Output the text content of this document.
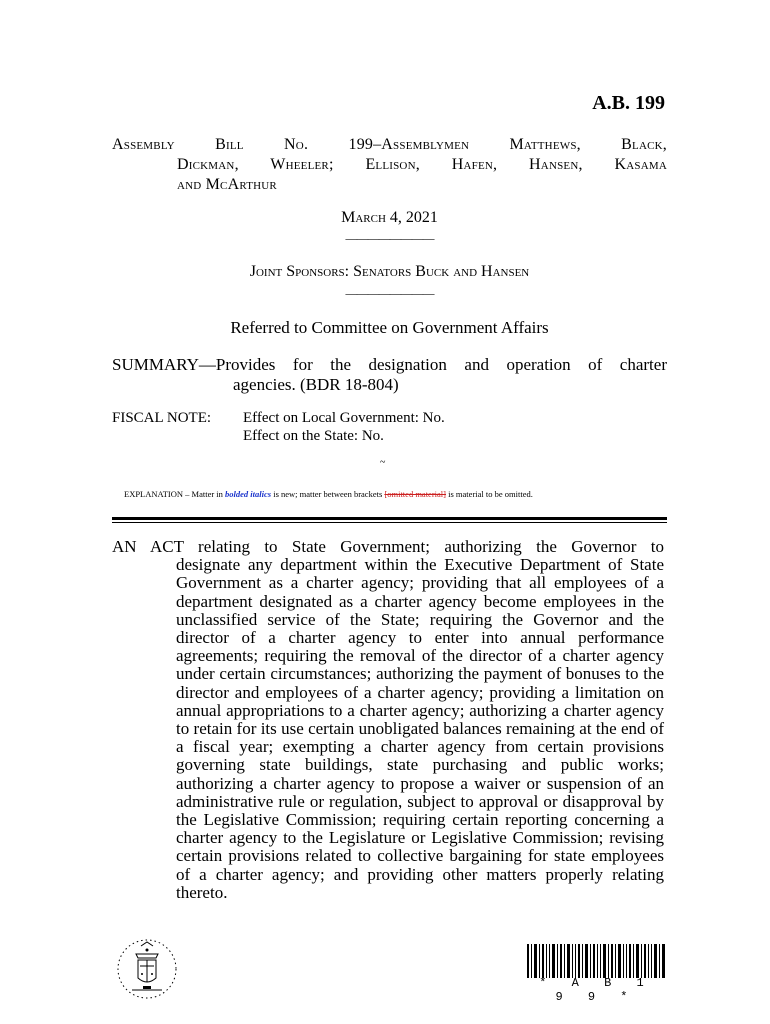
A.B. 199
Assembly Bill No. 199–Assemblymen Matthews, Black,
Dickman, Wheeler; Ellison, Hafen, Hansen, Kasama
and McArthur
March 4, 2021
————————
Joint Sponsors: Senators Buck and Hansen
————————
Referred to Committee on Government Affairs
SUMMARY—Provides for the designation and operation of charter
agencies. (BDR 18-804)
FISCAL NOTE: Effect on Local Government: No.
Effect on the State: No.
~
EXPLANATION – Matter in bolded italics is new; matter between brackets [omitted material] is material to be omitted.
AN ACT relating to State Government; authorizing the Governor to
designate any department within the Executive Department of State Government as a charter agency; providing that all employees of a department designated as a charter agency become employees in the unclassified service of the State; requiring the Governor and the director of a charter agency to enter into annual performance agreements; requiring the removal of the director of a charter agency under certain circumstances; authorizing the payment of bonuses to the director and employees of a charter agency; providing a limitation on annual appropriations to a charter agency; authorizing a charter agency to retain for its use certain unobligated balances remaining at the end of a fiscal year; exempting a charter agency from certain provisions governing state buildings, state purchasing and public works; authorizing a charter agency to propose a waiver or suspension of an administrative rule or regulation, subject to approval or disapproval by the Legislative Commission; requiring certain reporting concerning a charter agency to the Legislature or Legislative Commission; revising certain provisions related to collective bargaining for state employees of a charter agency; and providing other matters properly relating thereto.
* A B 1 9 9 *
